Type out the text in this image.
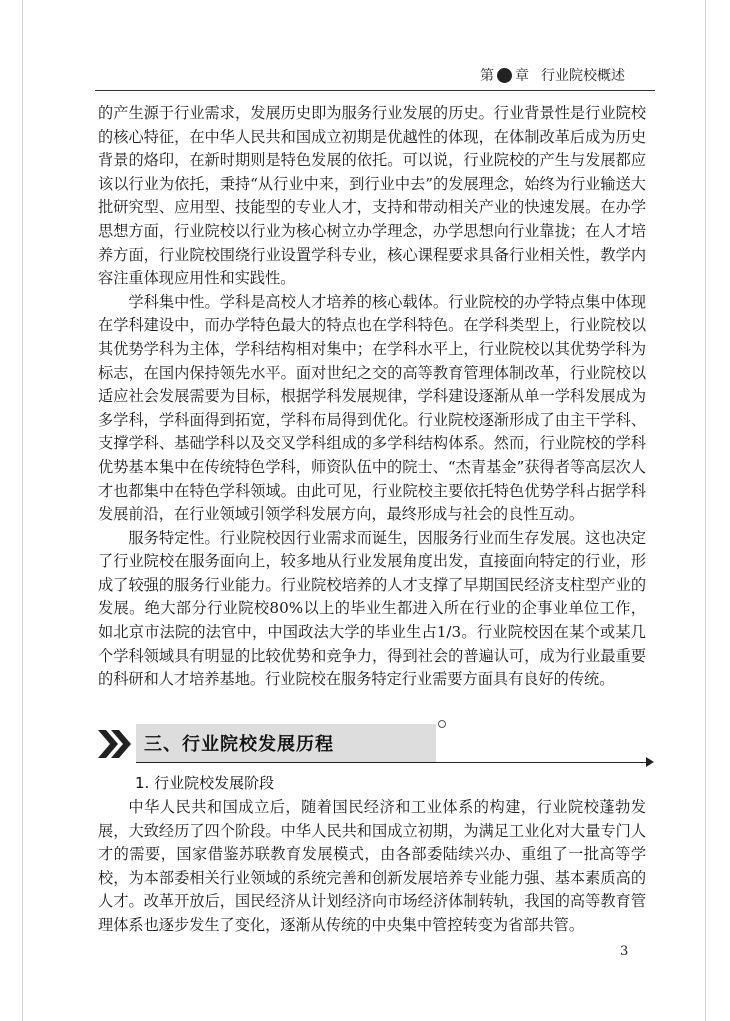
第 章 行业院校概述

的产生源于行业需求，发展历史即为服务行业发展的历史。行业背景性是行业院校的核心特征，在中华人民共和国成立初期是优越性的体现，在体制改革后成为历史背景的烙印，在新时期则是特色发展的依托。可以说，行业院校的产生与发展都应该以行业为依托，秉持“从行业中来，到行业中去”的发展理念，始终为行业输送大批研究型、应用型、技能型的专业人才，支持和带动相关产业的快速发展。在办学思想方面，行业院校以行业为核心树立办学理念，办学思想向行业靠拢；在人才培养方面，行业院校围绕行业设置学科专业，核心课程要求具备行业相关性，教学内容注重体现应用性和实践性。

学科集中性。学科是高校人才培养的核心载体。行业院校的办学特点集中体现在学科建设中，而办学特色最大的特点也在学科特色。在学科类型上，行业院校以其优势学科为主体，学科结构相对集中；在学科水平上，行业院校以其优势学科为标志，在国内保持领先水平。面对世纪之交的高等教育管理体制改革，行业院校以适应社会发展需要为目标，根据学科发展规律，学科建设逐渐从单一学科发展成为多学科，学科面得到拓宽，学科布局得到优化。行业院校逐渐形成了由主干学科、支撑学科、基础学科以及交叉学科组成的多学科结构体系。然而，行业院校的学科优势基本集中在传统特色学科，师资队伍中的院士、“杰青基金”获得者等高层次人才也都集中在特色学科领域。由此可见，行业院校主要依托特色优势学科占据学科发展前沿，在行业领域引领学科发展方向，最终形成与社会的良性互动。

服务特定性。行业院校因行业需求而诞生，因服务行业而生存发展。这也决定了行业院校在服务面向上，较多地从行业发展角度出发，直接面向特定的行业，形成了较强的服务行业能力。行业院校培养的人才支撑了早期国民经济支柱型产业的发展。绝大部分行业院校80%以上的毕业生都进入所在行业的企事业单位工作，如北京市法院的法官中，中国政法大学的毕业生占1/3。行业院校因在某个或某几个学科领域具有明显的比较优势和竞争力，得到社会的普遍认可，成为行业最重要的科研和人才培养基地。行业院校在服务特定行业需要方面具有良好的传统。

三、行业院校发展历程
1. 行业院校发展阶段

中华人民共和国成立后，随着国民经济和工业体系的构建，行业院校蓬勃发展，大致经历了四个阶段。中华人民共和国成立初期，为满足工业化对大量专门人才的需要，国家借鉴苏联教育发展模式，由各部委陆续兴办、重组了一批高等学校，为本部委相关行业领域的系统完善和创新发展培养专业能力强、基本素质高的人才。改革开放后，国民经济从计划经济向市场经济体制转轨，我国的高等教育管理体系也逐步发生了变化，逐渐从传统的中央集中管控转变为省部共管。

3
